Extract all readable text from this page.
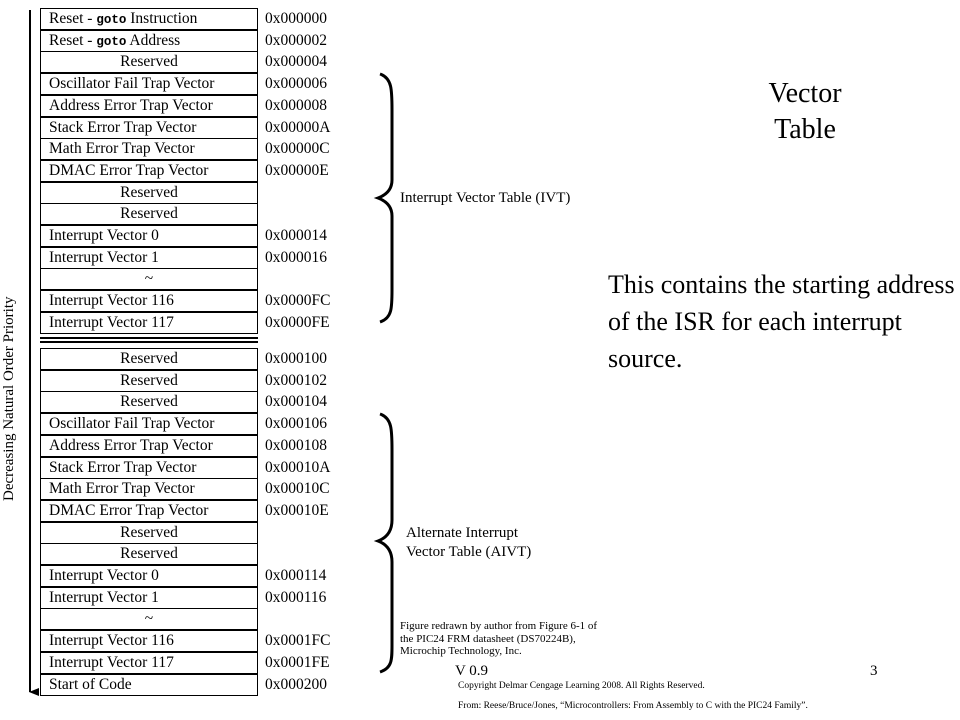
Reset - goto Instruction
Reset - goto Address
Reserved
Oscillator Fail Trap Vector
Address Error Trap Vector
Stack Error Trap Vector
Math Error Trap Vector
DMAC Error Trap Vector
Reserved
Reserved
Interrupt Vector 0
Interrupt Vector 1
~
Interrupt Vector 116
Interrupt Vector 117
Reserved
Reserved
Reserved
Oscillator Fail Trap Vector
Address Error Trap Vector
Stack Error Trap Vector
Math Error Trap Vector
DMAC Error Trap Vector
Reserved
Reserved
Interrupt Vector 0
Interrupt Vector 1
~
Interrupt Vector 116
Interrupt Vector 117
Start of Code
0x000000
0x000002
0x000004
0x000006
0x000008
0x00000A
0x00000C
0x00000E
0x000014
0x000016
0x0000FC
0x0000FE
0x000100
0x000102
0x000104
0x000106
0x000108
0x00010A
0x00010C
0x00010E
0x000114
0x000116
0x0001FC
0x0001FE
0x000200
Decreasing Natural Order Priority
Interrupt Vector Table (IVT)
Alternate Interrupt
Vector Table (AIVT)
Vector
Table
This contains the starting address of the ISR for each interrupt source.
Figure redrawn by author from Figure 6-1 of
the PIC24 FRM datasheet (DS70224B),
Microchip Technology, Inc.
V 0.9	3
Copyright Delmar Cengage Learning 2008. All Rights Reserved.
From: Reese/Bruce/Jones, “Microcontrollers: From Assembly to C with the PIC24 Family”.
